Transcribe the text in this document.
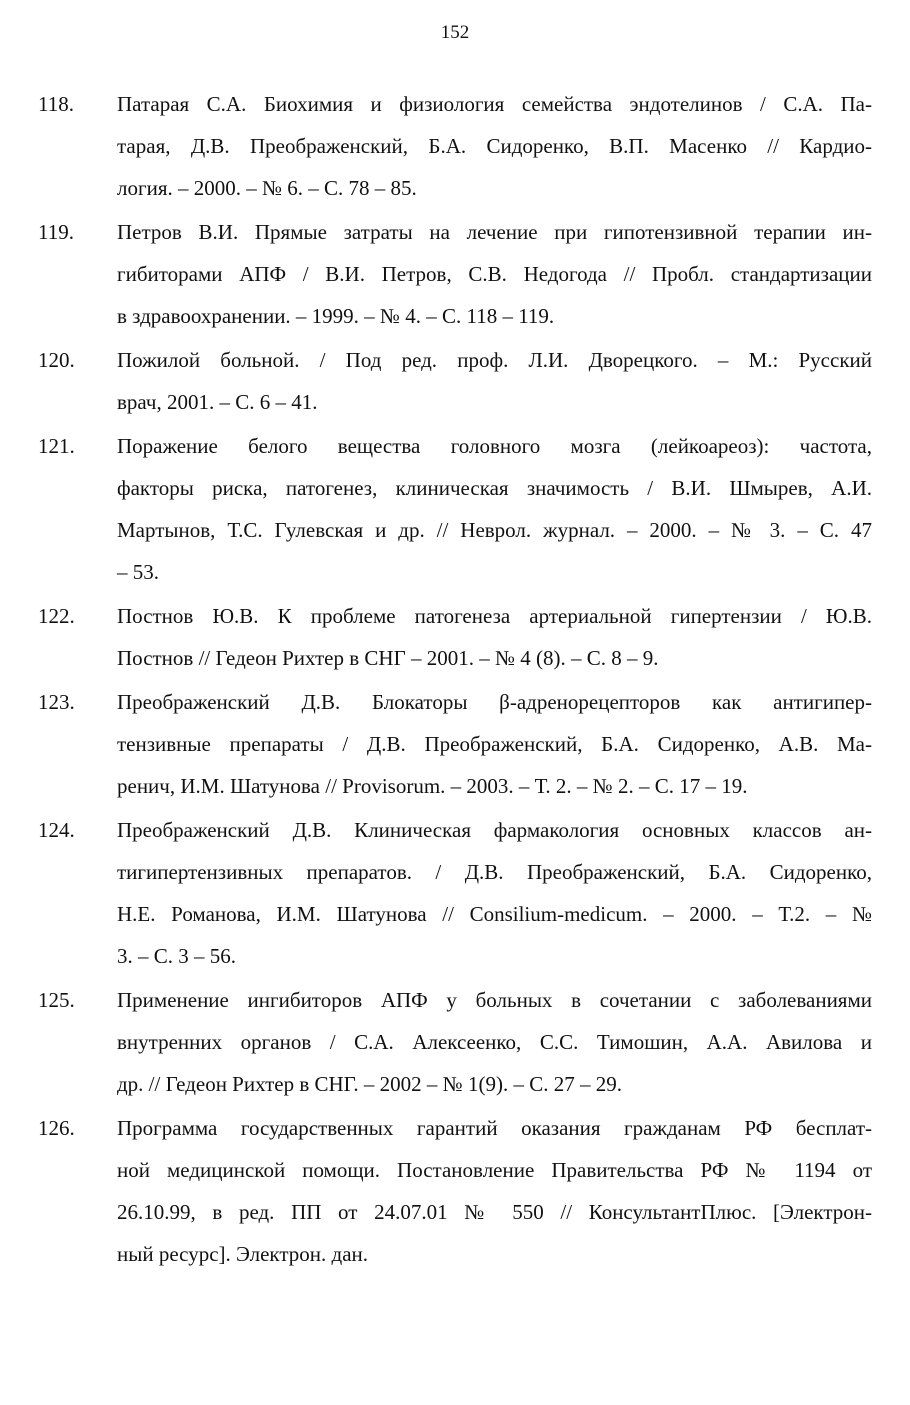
152
118. Патарая С.А. Биохимия и физиология семейства эндотелинов / С.А. Па-
тарая, Д.В. Преображенский, Б.А. Сидоренко, В.П. Масенко // Кардио-
логия. – 2000. – № 6. – С. 78 – 85.
119. Петров В.И. Прямые затраты на лечение при гипотензивной терапии ин-
гибиторами АПФ / В.И. Петров, С.В. Недогода // Пробл. стандартизации
в здравоохранении. – 1999. – № 4. – С. 118 – 119.
120. Пожилой больной. / Под ред. проф. Л.И. Дворецкого. – М.: Русский
врач, 2001. – С. 6 – 41.
121. Поражение белого вещества головного мозга (лейкоареоз): частота,
факторы риска, патогенез, клиническая значимость / В.И. Шмырев, А.И.
Мартынов, Т.С. Гулевская и др. // Неврол. журнал. – 2000. – № 3. – С. 47
– 53.
122. Постнов Ю.В. К проблеме патогенеза артериальной гипертензии / Ю.В.
Постнов // Гедеон Рихтер в СНГ – 2001. – № 4 (8). – С. 8 – 9.
123. Преображенский Д.В. Блокаторы β-адренорецепторов как антигипер-
тензивные препараты / Д.В. Преображенский, Б.А. Сидоренко, А.В. Ма-
ренич, И.М. Шатунова // Provisorum. – 2003. – Т. 2. – № 2. – С. 17 – 19.
124. Преображенский Д.В. Клиническая фармакология основных классов ан-
тигипертензивных препаратов. / Д.В. Преображенский, Б.А. Сидоренко,
Н.Е. Романова, И.М. Шатунова // Consilium-medicum. – 2000. – Т.2. – №
3. – С. 3 – 56.
125. Применение ингибиторов АПФ у больных в сочетании с заболеваниями
внутренних органов / С.А. Алексеенко, С.С. Тимошин, А.А. Авилова и
др. // Гедеон Рихтер в СНГ. – 2002 – № 1(9). – С. 27 – 29.
126. Программа государственных гарантий оказания гражданам РФ бесплат-
ной медицинской помощи. Постановление Правительства РФ № 1194 от
26.10.99, в ред. ПП от 24.07.01 № 550 // КонсультантПлюс. [Электрон-
ный ресурс]. Электрон. дан.
